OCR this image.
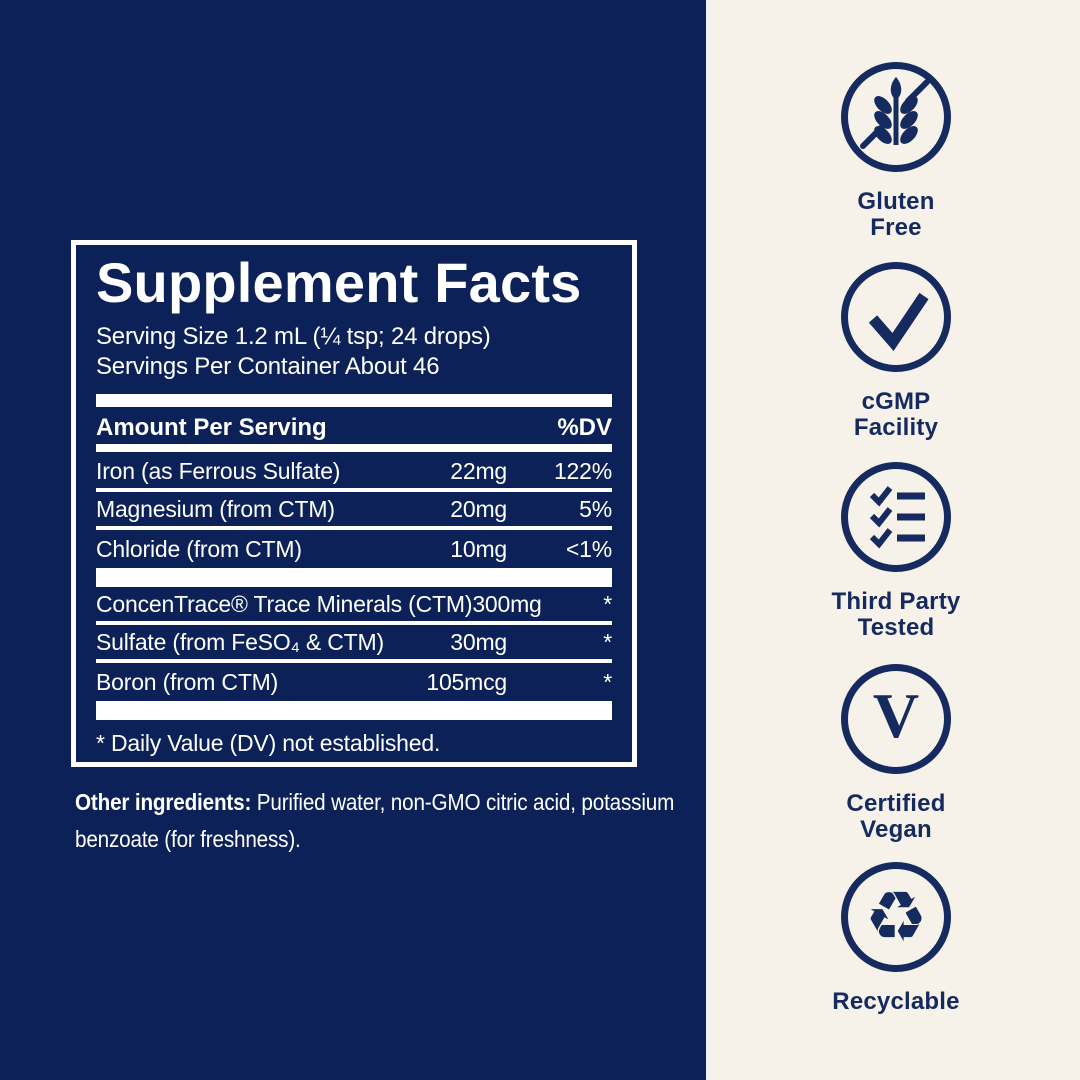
Supplement Facts
Serving Size 1.2 mL (¼ tsp; 24 drops)
Servings Per Container About 46
Amount Per Serving	%DV
Iron (as Ferrous Sulfate)	22mg	122%
Magnesium (from CTM)	20mg	5%
Chloride (from CTM)	10mg	<1%
ConcenTrace® Trace Minerals (CTM) 300mg	*
Sulfate (from FeSO₄ & CTM)	30mg	*
Boron (from CTM)	105mcg	*
* Daily Value (DV) not established.
Other ingredients: Purified water, non-GMO citric acid, potassium
benzoate (for freshness).
Gluten
Free
cGMP
Facility
Third Party
Tested
V
Certified
Vegan
♻
Recyclable
